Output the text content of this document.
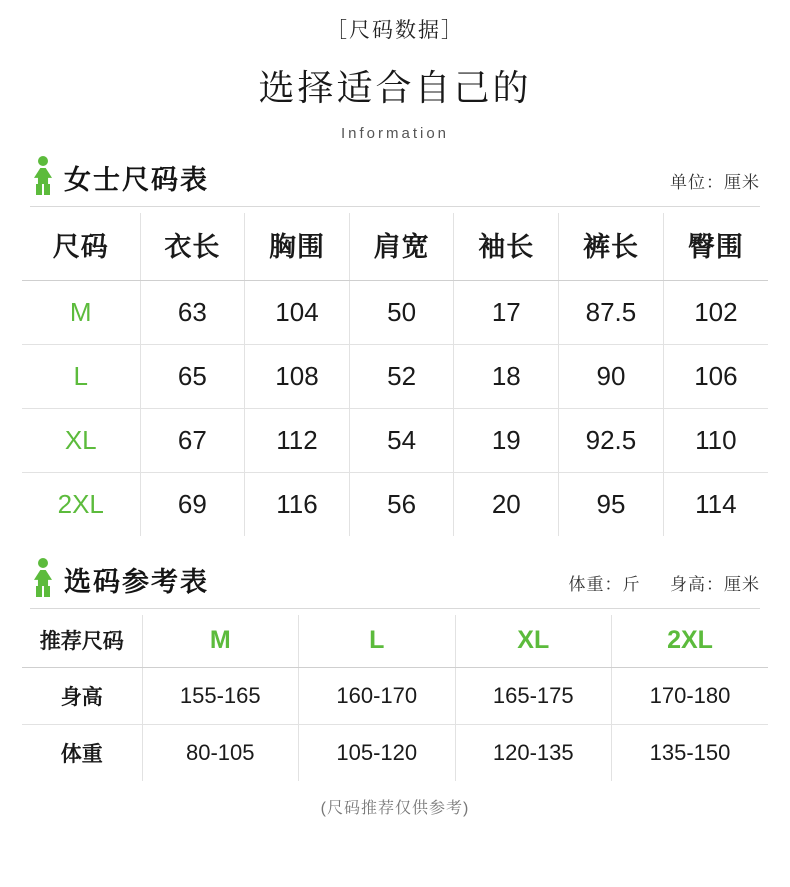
［尺码数据］
选择适合自己的
Information
女士尺码表	单位：厘米
尺码	衣长	胸围	肩宽	袖长	裤长	臀围
M	63	104	50	17	87.5	102
L	65	108	52	18	90	106
XL	67	112	54	19	92.5	110
2XL	69	116	56	20	95	114
选码参考表	体重：斤 身高：厘米
推荐尺码	M	L	XL	2XL
身高	155-165	160-170	165-175	170-180
体重	80-105	105-120	120-135	135-150
(尺码推荐仅供参考)
